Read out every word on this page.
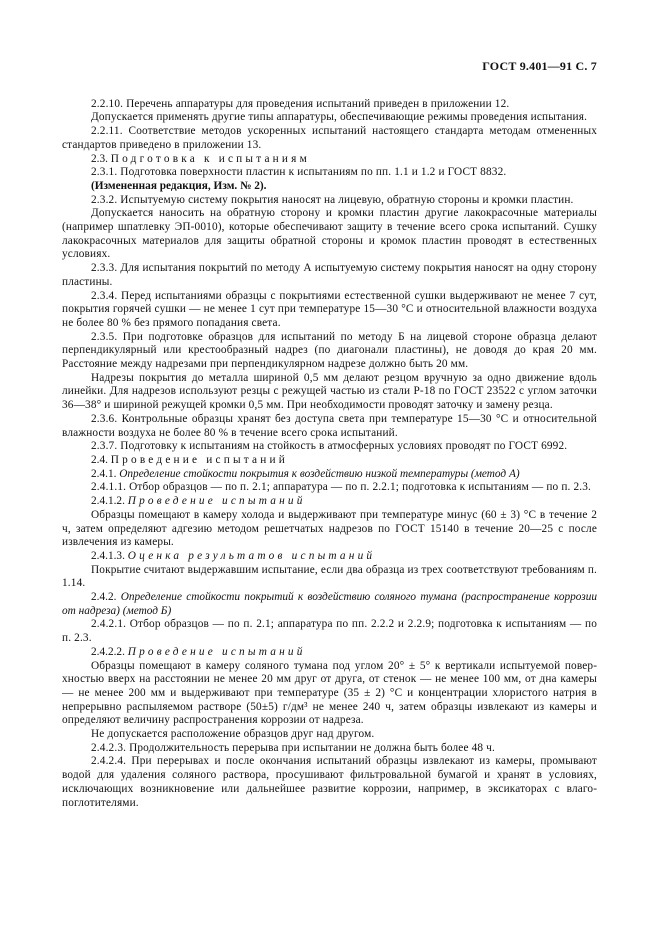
ГОСТ 9.401—91 С. 7

2.2.10. Перечень аппаратуры для проведения испытаний приведен в приложении 12.

Допускается применять другие типы аппаратуры, обеспечивающие режимы проведения испытания.

2.2.11. Соответствие методов ускоренных испытаний настоящего стандарта методам отмененных стандартов приведено в приложении 13.

2.3. Подготовка к испытаниям

2.3.1. Подготовка поверхности пластин к испытаниям по пп. 1.1 и 1.2 и ГОСТ 8832.

(Измененная редакция, Изм. № 2).

2.3.2. Испытуемую систему покрытия наносят на лицевую, обратную стороны и кромки пластин.

Допускается наносить на обратную сторону и кромки пластин другие лакокрасочные материалы (например шпатлевку ЭП-0010), которые обеспечивают защиту в течение всего срока испытаний. Сушку лакокрасочных материалов для защиты обратной стороны и кромок пластин проводят в естественных условиях.

2.3.3. Для испытания покрытий по методу А испытуемую систему покрытия наносят на одну сторону пластины.

2.3.4. Перед испытаниями образцы с покрытиями естественной сушки выдерживают не менее 7 сут, покрытия горячей сушки — не менее 1 сут при температуре 15—30 °С и относительной влажности воздуха не более 80 % без прямого попадания света.

2.3.5. При подготовке образцов для испытаний по методу Б на лицевой стороне образца делают перпендикулярный или крестообразный надрез (по диагонали пластины), не доводя до края 20 мм. Расстояние между надрезами при перпендикулярном надрезе должно быть 20 мм.

Надрезы покрытия до металла шириной 0,5 мм делают резцом вручную за одно движение вдоль линейки. Для надрезов используют резцы с режущей частью из стали Р-18 по ГОСТ 23522 с углом заточки 36—38° и шириной режущей кромки 0,5 мм. При необходимости проводят заточку и замену резца.

2.3.6. Контрольные образцы хранят без доступа света при температуре 15—30 °С и относительной влажности воздуха не более 80 % в течение всего срока испытаний.

2.3.7. Подготовку к испытаниям на стойкость в атмосферных условиях проводят по ГОСТ 6992.

2.4. Проведение испытаний

2.4.1. Определение стойкости покрытия к воздействию низкой температуры (метод А)

2.4.1.1. Отбор образцов — по п. 2.1; аппаратура — по п. 2.2.1; подготовка к испытаниям — по п. 2.3.

2.4.1.2. Проведение испытаний

Образцы помещают в камеру холода и выдерживают при температуре минус (60 ± 3) °С в течение 2 ч, затем определяют адгезию методом решетчатых надрезов по ГОСТ 15140 в течение 20—25 с после извлечения из камеры.

2.4.1.3. Оценка результатов испытаний

Покрытие считают выдержавшим испытание, если два образца из трех соответствуют требованиям п. 1.14.

2.4.2. Определение стойкости покрытий к воздействию соляного тумана (распространение коррозии от надреза) (метод Б)

2.4.2.1. Отбор образцов — по п. 2.1; аппаратура по пп. 2.2.2 и 2.2.9; подготовка к испытаниям — по п. 2.3.

2.4.2.2. Проведение испытаний

Образцы помещают в камеру соляного тумана под углом 20° ± 5° к вертикали испытуемой поверхностью вверх на расстоянии не менее 20 мм друг от друга, от стенок — не менее 100 мм, от дна камеры — не менее 200 мм и выдерживают при температуре (35 ± 2) °С и концентрации хлористого натрия в непрерывно распыляемом растворе (50±5) г/дм³ не менее 240 ч, затем образцы извлекают из камеры и определяют величину распространения коррозии от надреза.

Не допускается расположение образцов друг над другом.

2.4.2.3. Продолжительность перерыва при испытании не должна быть более 48 ч.

2.4.2.4. При перерывах и после окончания испытаний образцы извлекают из камеры, промывают водой для удаления соляного раствора, просушивают фильтровальной бумагой и хранят в условиях, исключающих возникновение или дальнейшее развитие коррозии, например, в эксикаторах с влагопоглотителями.
